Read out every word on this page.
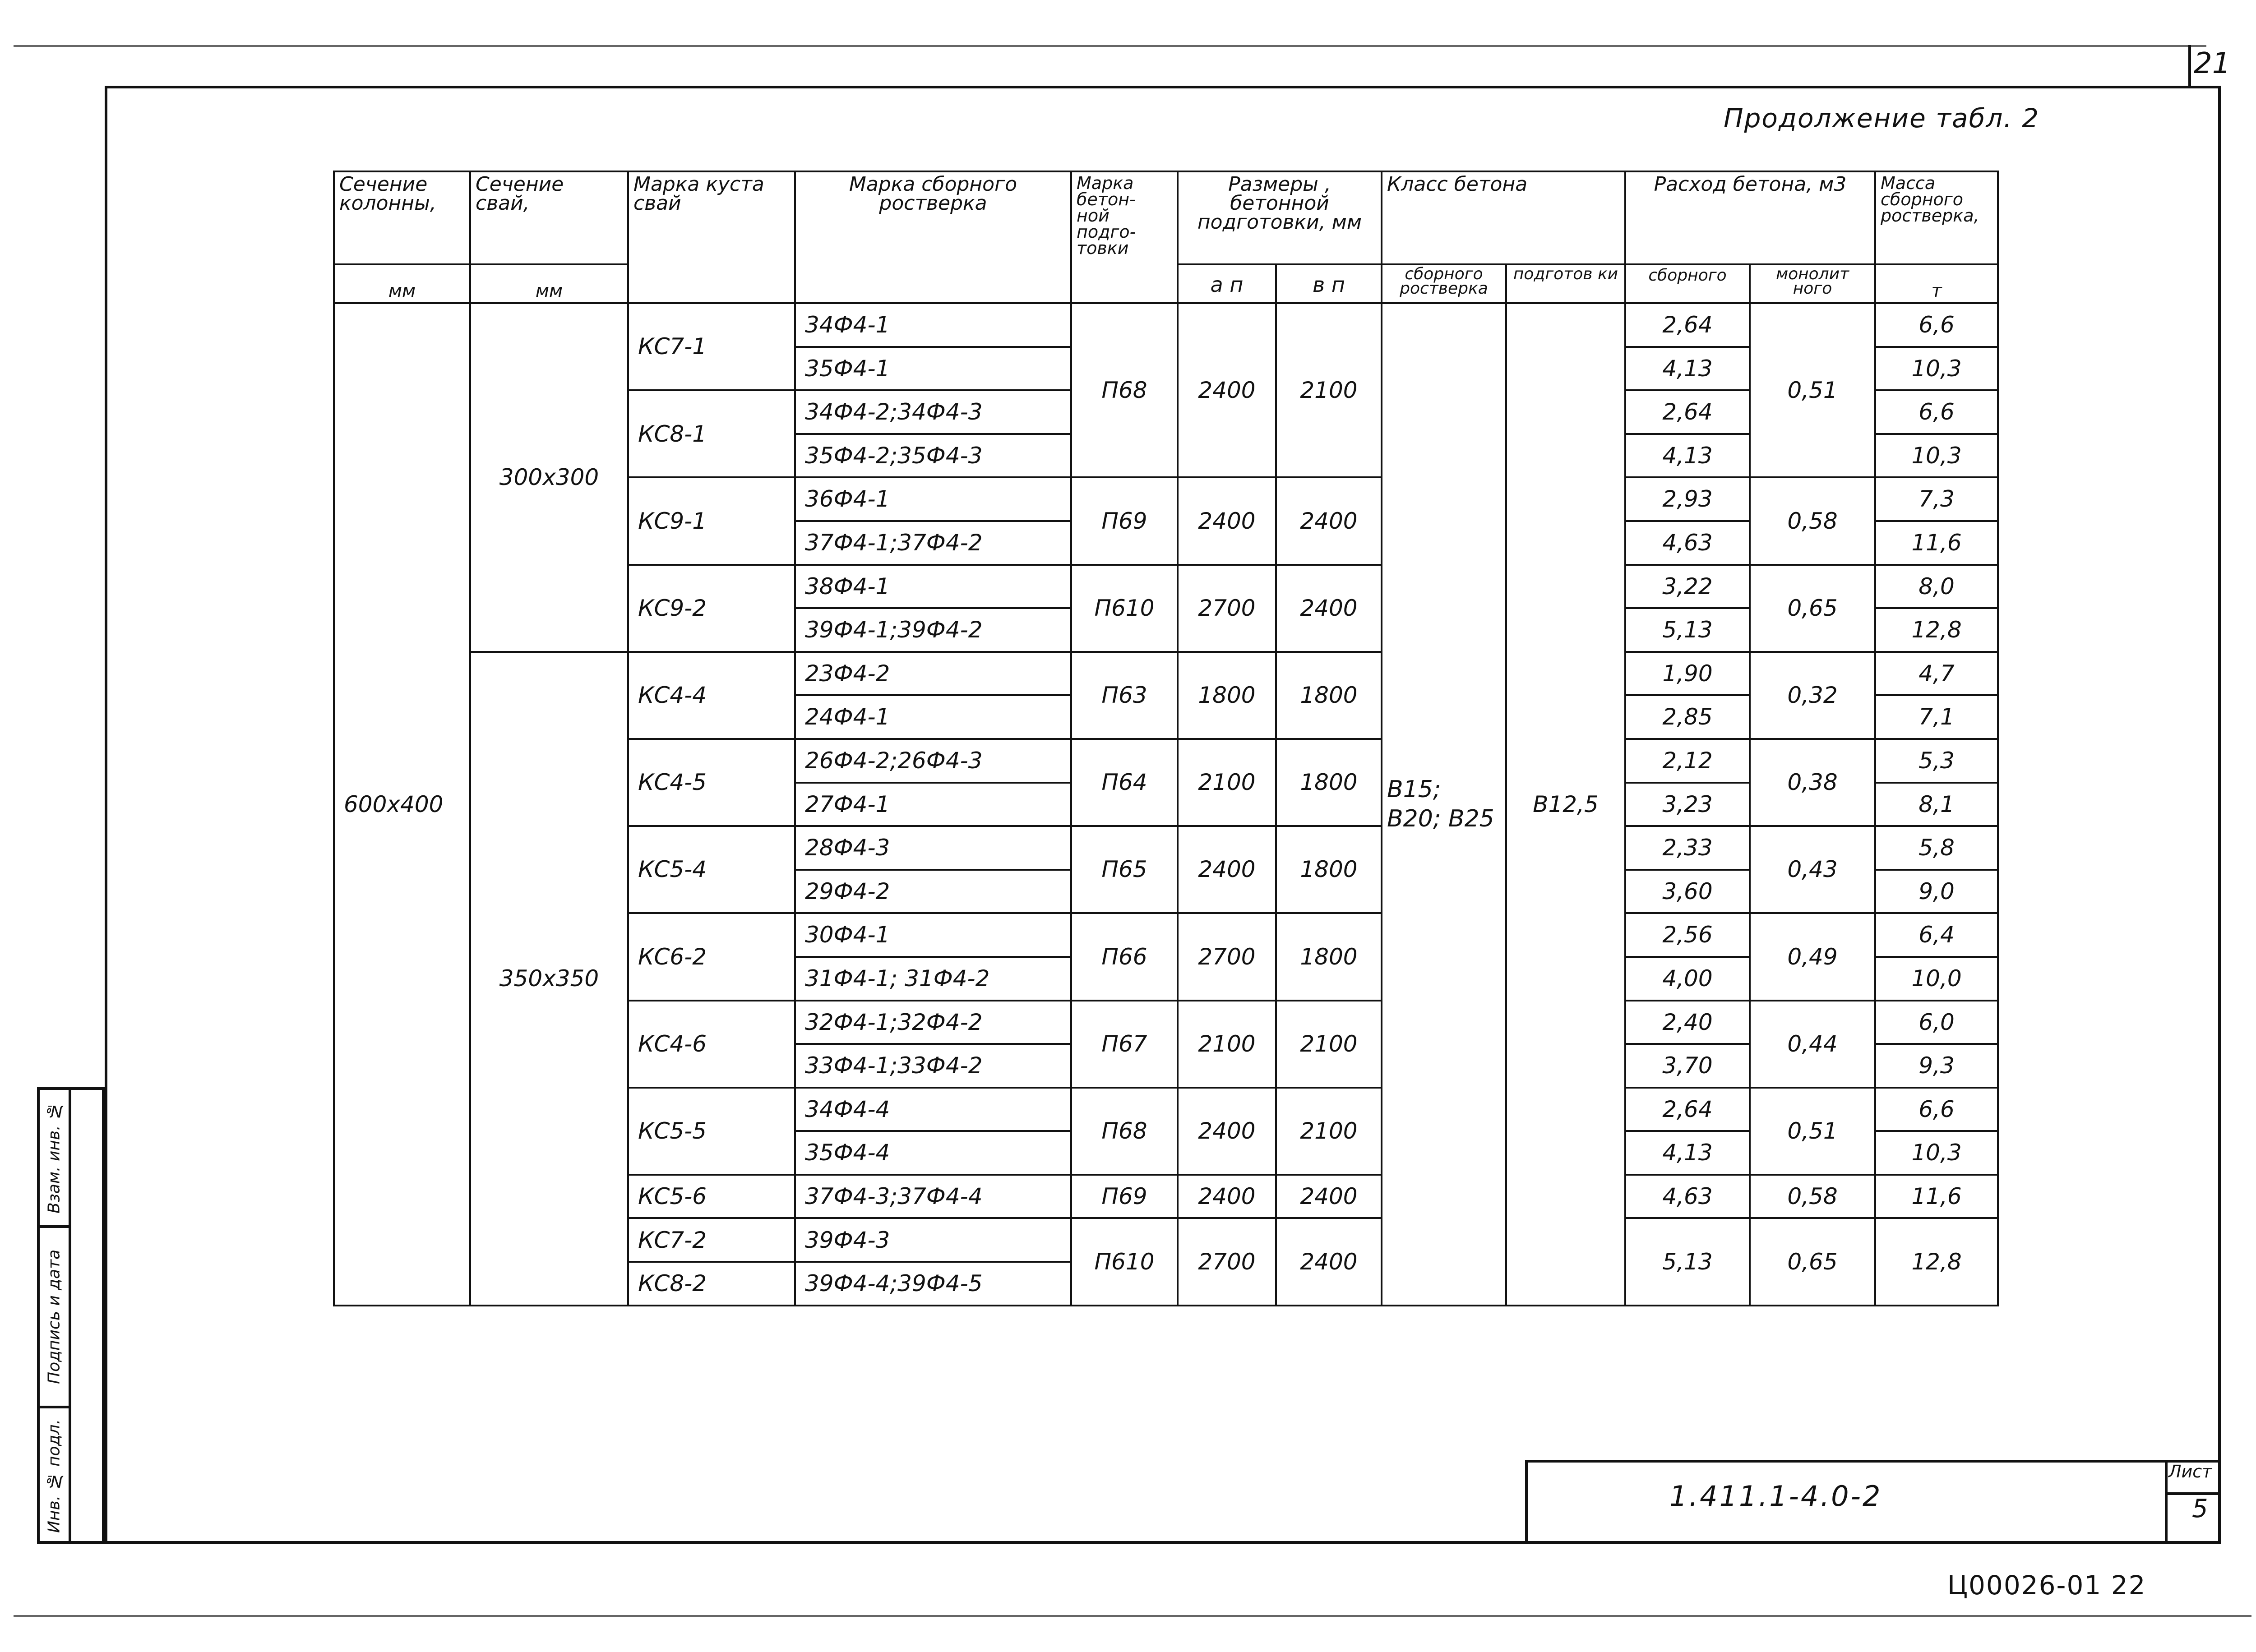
21
Продолжение табл. 2
Взам. инв. №
Подпись и дата
Инв. № подл.	1.411.1-4.0-2
Лист
5
Ц00026-01 22
Сечение колонны,	Сечение свай,	Марка куста свай	Марка сборного ростверка	Марка бетон- ной подго- товки	Размеры , бетонной подготовки, мм		Класс бетона		Расход бетона, м3		Масса сборного ростверка,
мм	мм				а п	в п	сборного ростверка	подготов ки	сборного	монолит ного	т

600х400	300х300	КС7-1	34Ф4-1	П68	2400	2100	В15; В20; В25	В12,5	2,64	0,51	6,6
			35Ф4-1						4,13		10,3
		КС8-1	34Ф4-2;34Ф4-3						2,64		6,6
			35Ф4-2;35Ф4-3						4,13		10,3
		КС9-1	36Ф4-1	П69	2400	2400			2,93	0,58	7,3
			37Ф4-1;37Ф4-2						4,63		11,6
		КС9-2	38Ф4-1	П610	2700	2400			3,22	0,65	8,0
			39Ф4-1;39Ф4-2						5,13		12,8
	350х350	КС4-4	23Ф4-2	П63	1800	1800			1,90	0,32	4,7
			24Ф4-1						2,85		7,1
		КС4-5	26Ф4-2;26Ф4-3	П64	2100	1800			2,12	0,38	5,3
			27Ф4-1						3,23		8,1
		КС5-4	28Ф4-3	П65	2400	1800			2,33	0,43	5,8
			29Ф4-2						3,60		9,0
		КС6-2	30Ф4-1	П66	2700	1800			2,56	0,49	6,4
			31Ф4-1; 31Ф4-2						4,00		10,0
		КС4-6	32Ф4-1;32Ф4-2	П67	2100	2100			2,40	0,44	6,0
			33Ф4-1;33Ф4-2						3,70		9,3
		КС5-5	34Ф4-4	П68	2400	2100			2,64	0,51	6,6
			35Ф4-4						4,13		10,3
		КС5-6	37Ф4-3;37Ф4-4	П69	2400	2400			4,63	0,58	11,6
		КС7-2	39Ф4-3	П610	2700	2400			5,13	0,65	12,8
		КС8-2	39Ф4-4;39Ф4-5								
